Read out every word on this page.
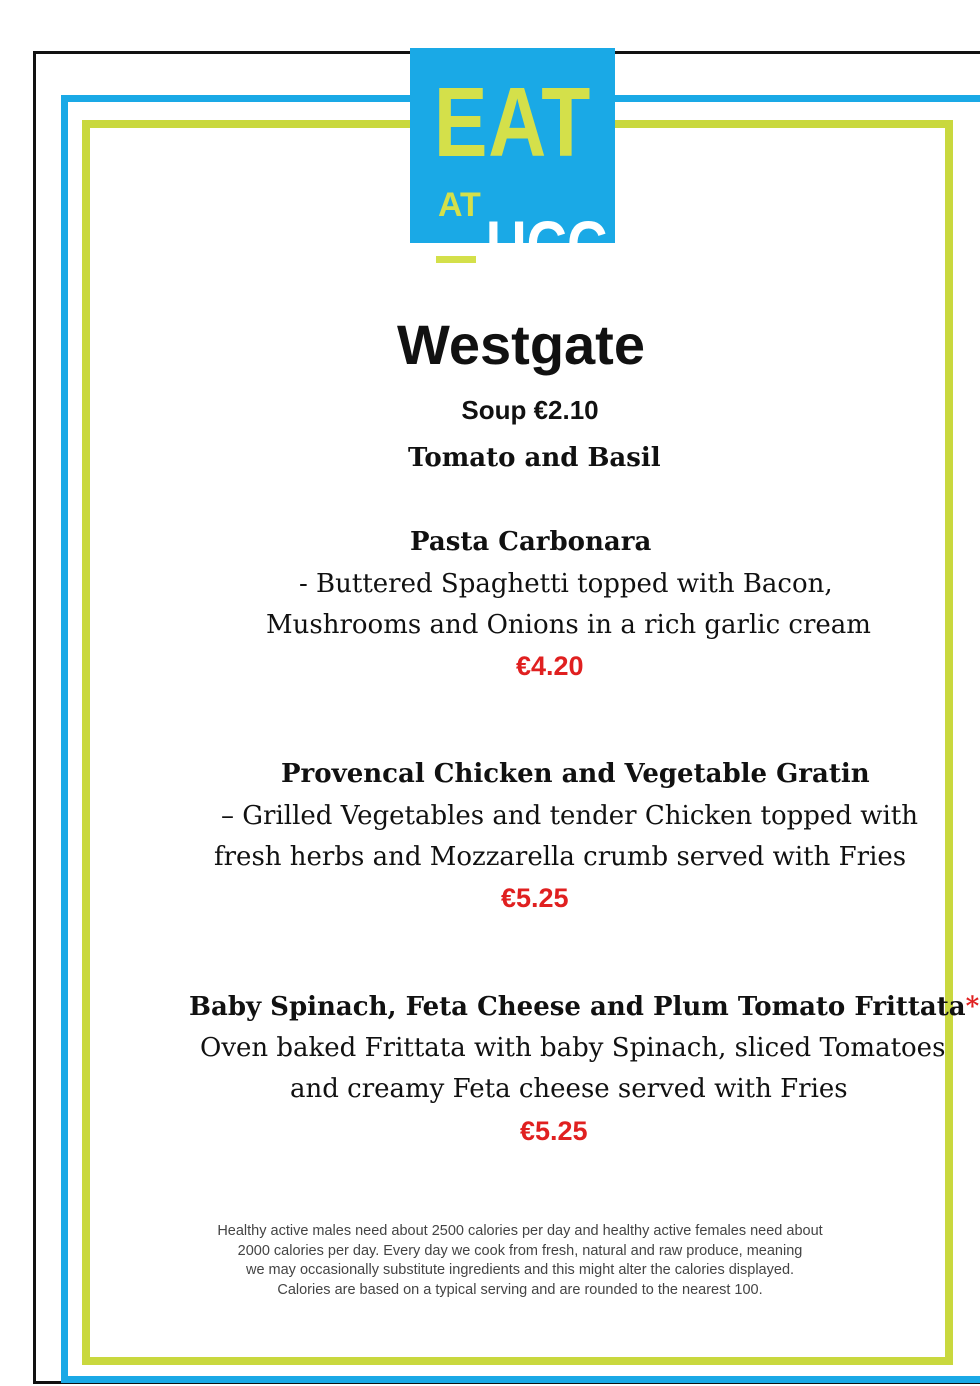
EAT
AT
UCC
Westgate
Soup €2.10
Tomato and Basil
Pasta Carbonara
- Buttered Spaghetti topped with Bacon,
Mushrooms and Onions in a rich garlic cream
€4.20
Provencal Chicken and Vegetable Gratin
– Grilled Vegetables and tender Chicken topped with
fresh herbs and Mozzarella crumb served with Fries
€5.25
Baby Spinach, Feta Cheese and Plum Tomato Frittata*
Oven baked Frittata with baby Spinach, sliced Tomatoes
and creamy Feta cheese served with Fries
€5.25
Healthy active males need about 2500 calories per day and healthy active females need about
2000 calories per day. Every day we cook from fresh, natural and raw produce, meaning
we may occasionally substitute ingredients and this might alter the calories displayed.
Calories are based on a typical serving and are rounded to the nearest 100.
